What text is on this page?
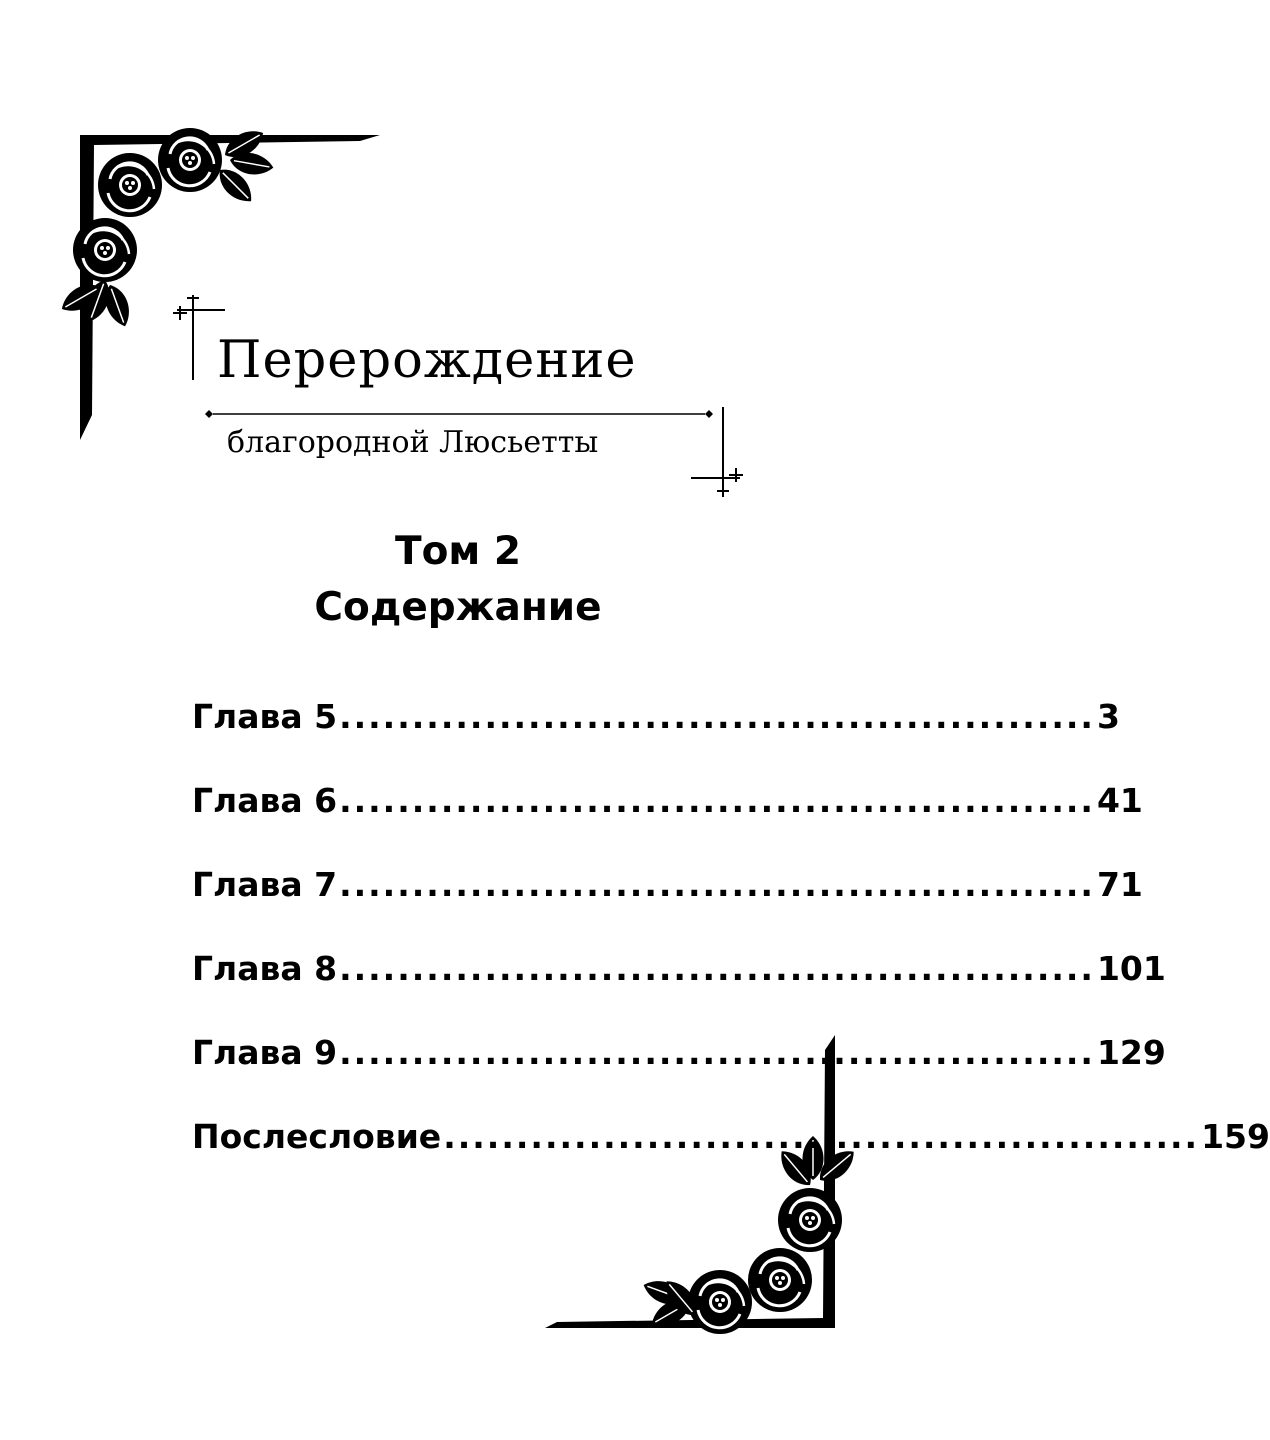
Перерождение
благородной Люсьетты

Том 2

Содержание

Глава 5 .................................................... 3
Глава 6 .................................................... 41
Глава 7 .................................................... 71
Глава 8 .................................................... 101
Глава 9 .................................................... 129
Послесловие .................................................... 159
